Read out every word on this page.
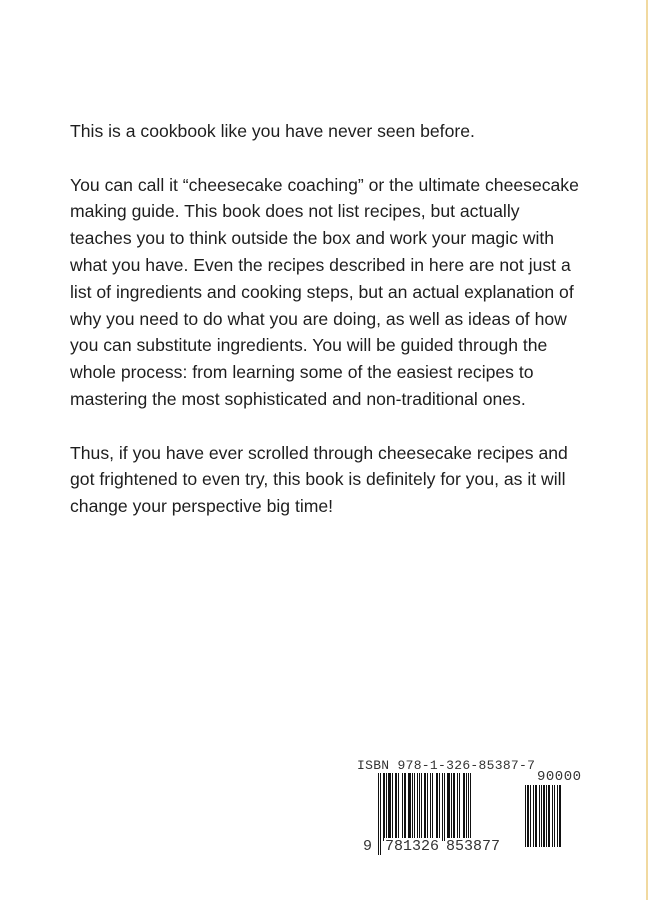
This is a cookbook like you have never seen before.

You can call it “cheesecake coaching” or the ultimate cheesecake making guide. This book does not list recipes, but actually teaches you to think outside the box and work your magic with what you have. Even the recipes described in here are not just a list of ingredients and cooking steps, but an actual explanation of why you need to do what you are doing, as well as ideas of how you can substitute ingredients. You will be guided through the whole process: from learning some of the easiest recipes to mastering the most sophisticated and non-traditional ones.

Thus, if you have ever scrolled through cheesecake recipes and got frightened to even try, this book is definitely for you, as it will change your perspective big time!

ISBN 978-1-326-85387-7
90000
9 781326 853877
